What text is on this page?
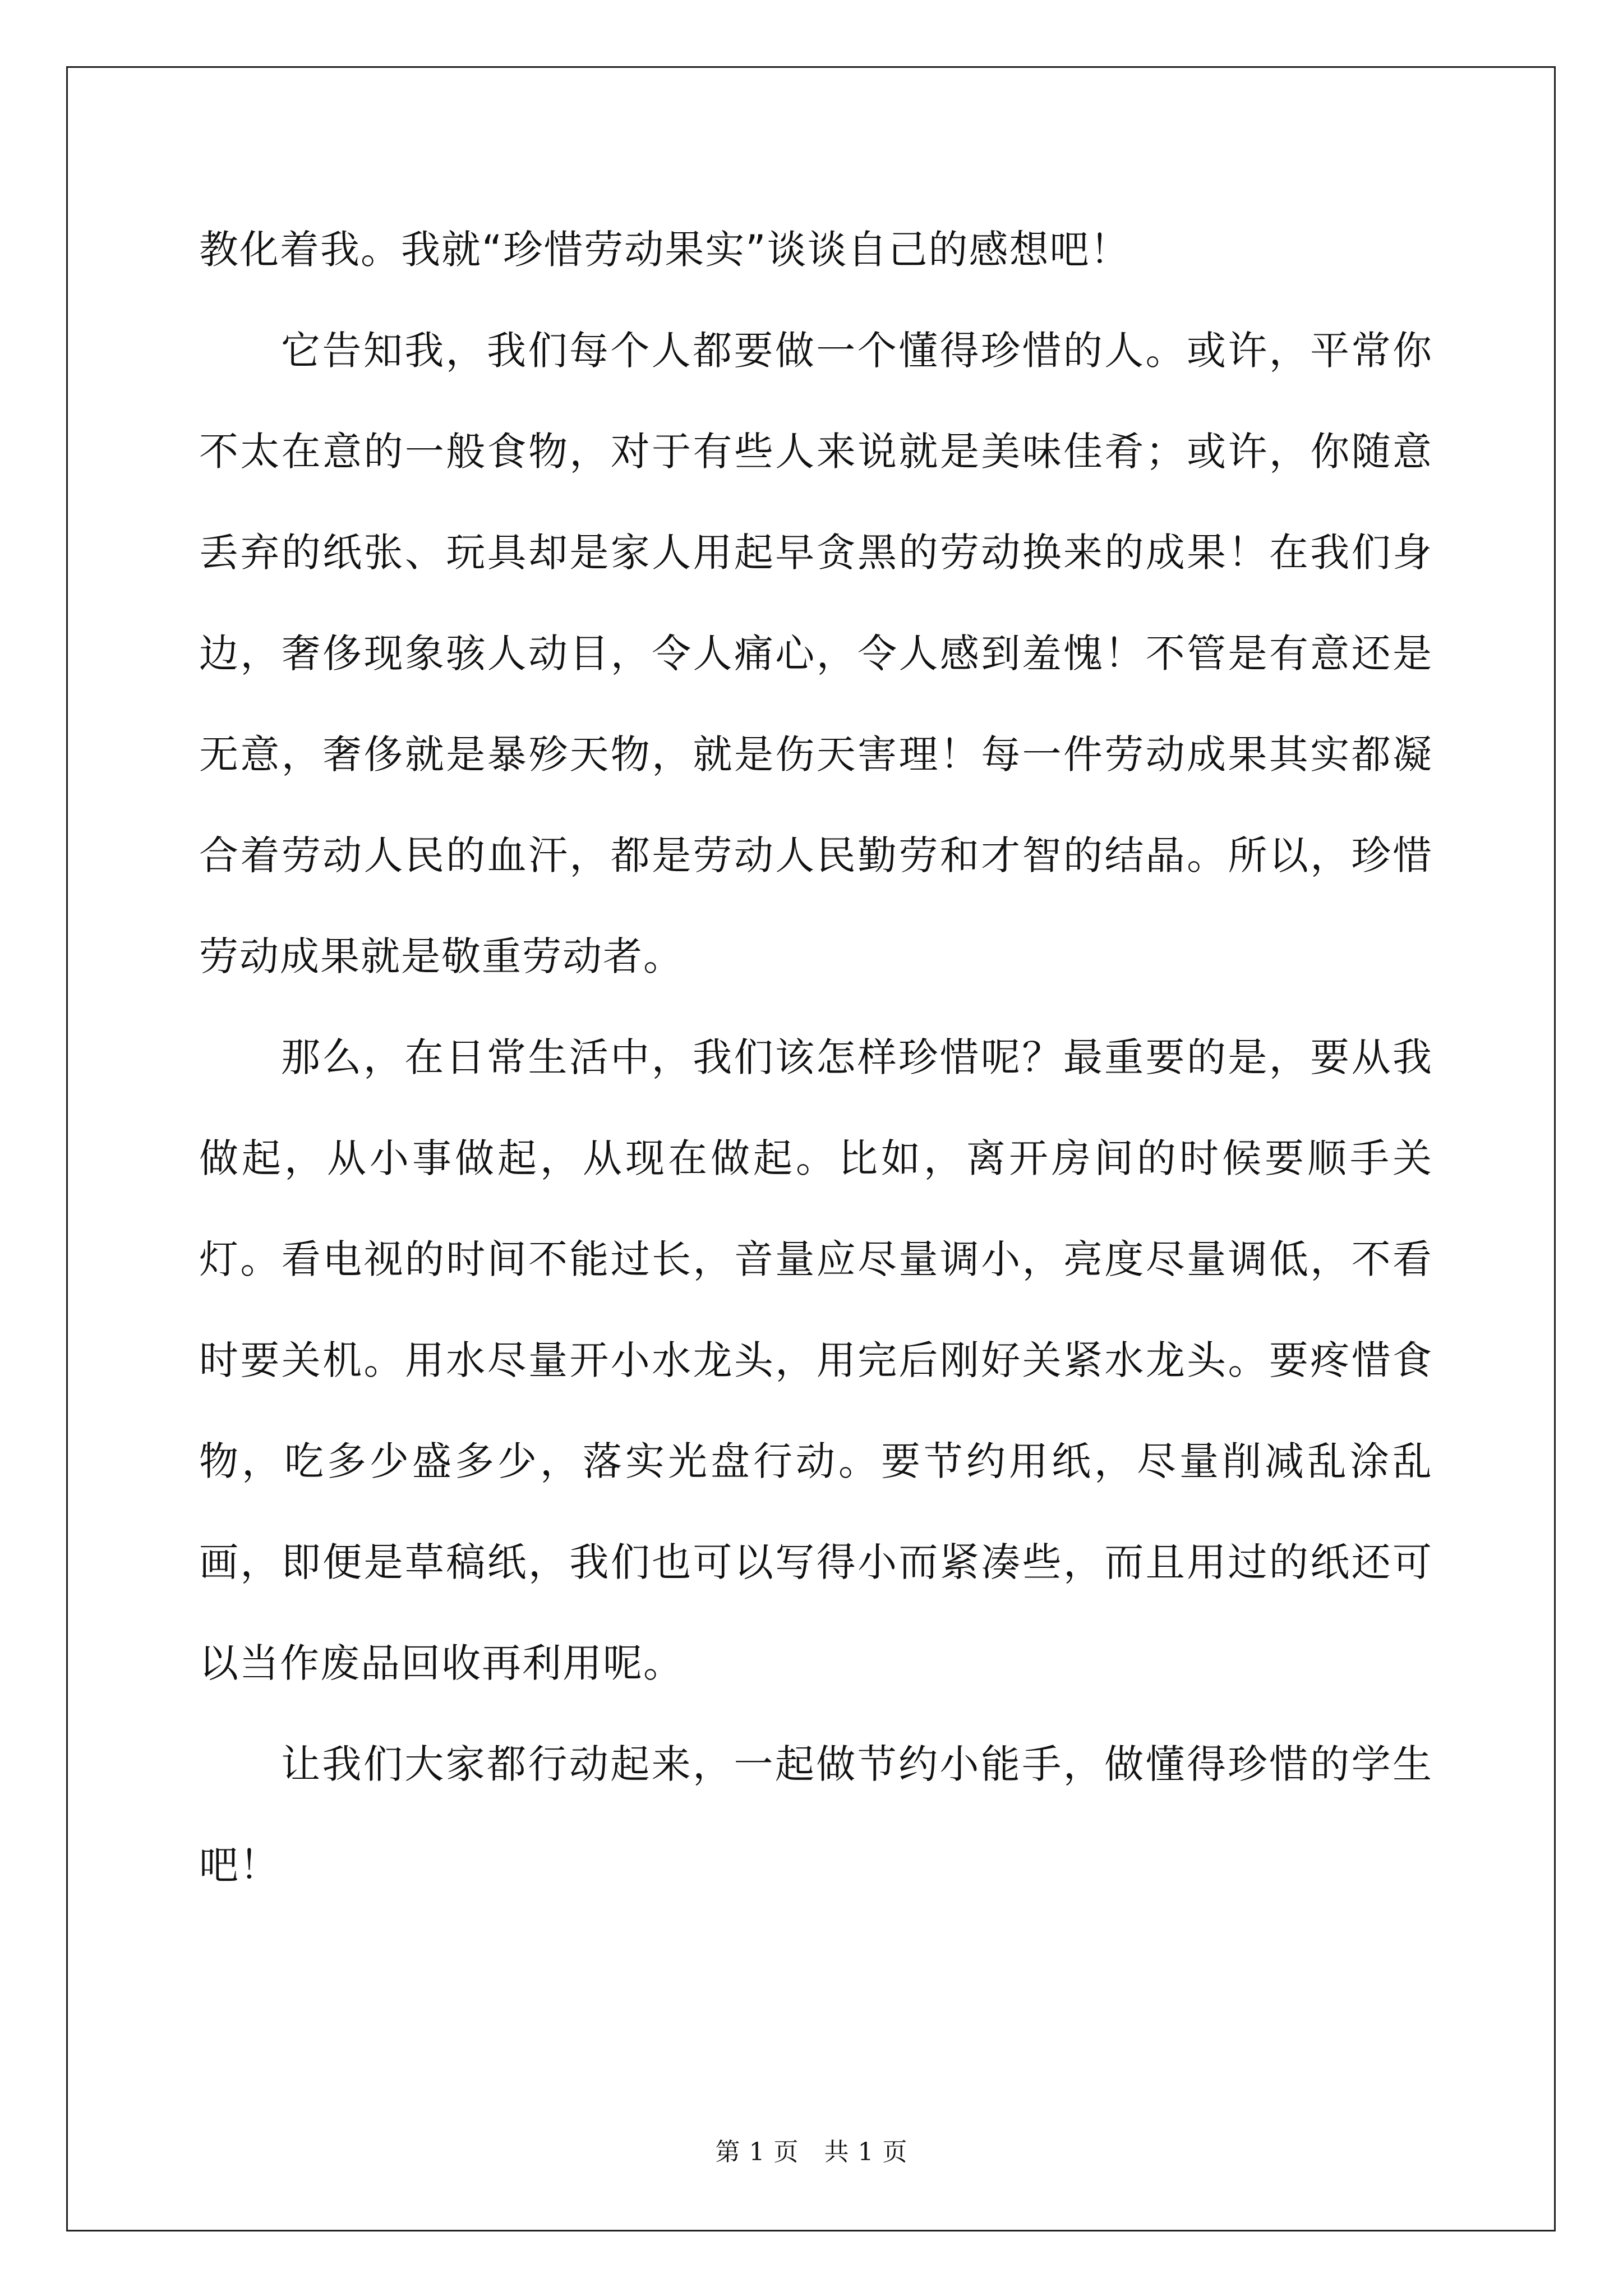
教化着我。我就“珍惜劳动果实”谈谈自己的感想吧！

它告知我，我们每个人都要做一个懂得珍惜的人。或许，平常你不太在意的一般食物，对于有些人来说就是美味佳肴；或许，你随意丢弃的纸张、玩具却是家人用起早贪黑的劳动换来的成果！在我们身边，奢侈现象骇人动目，令人痛心，令人感到羞愧！不管是有意还是无意，奢侈就是暴殄天物，就是伤天害理！每一件劳动成果其实都凝合着劳动人民的血汗，都是劳动人民勤劳和才智的结晶。所以，珍惜劳动成果就是敬重劳动者。

那么，在日常生活中，我们该怎样珍惜呢？最重要的是，要从我做起，从小事做起，从现在做起。比如，离开房间的时候要顺手关灯。看电视的时间不能过长，音量应尽量调小，亮度尽量调低，不看时要关机。用水尽量开小水龙头，用完后刚好关紧水龙头。要疼惜食物，吃多少盛多少，落实光盘行动。要节约用纸，尽量削减乱涂乱画，即便是草稿纸，我们也可以写得小而紧凑些，而且用过的纸还可以当作废品回收再利用呢。

让我们大家都行动起来，一起做节约小能手，做懂得珍惜的学生吧！

第 1 页　共 1 页
